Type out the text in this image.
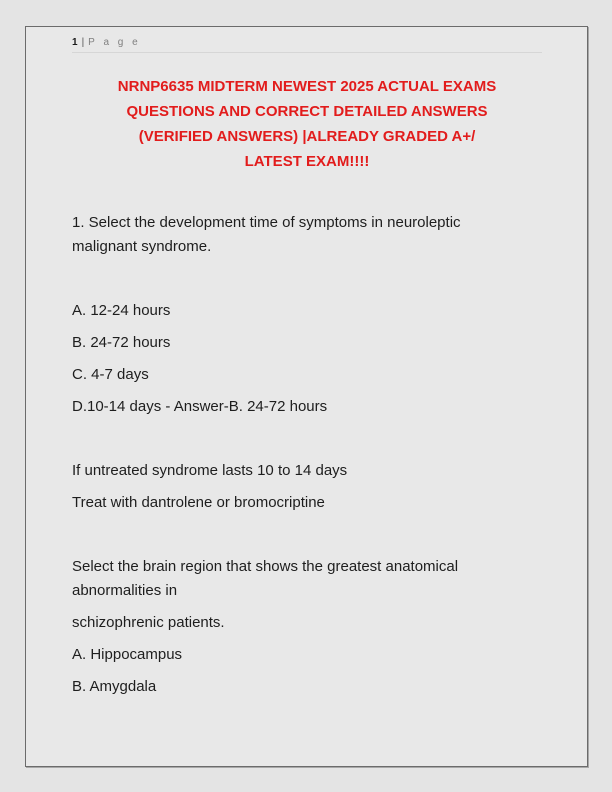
1 | P a g e
NRNP6635 MIDTERM NEWEST 2025 ACTUAL EXAMS
QUESTIONS AND CORRECT DETAILED ANSWERS
(VERIFIED ANSWERS) |ALREADY GRADED A+/
LATEST EXAM!!!!
1. Select the development time of symptoms in neuroleptic
malignant syndrome.
A. 12-24 hours
B. 24-72 hours
C. 4-7 days
D.10-14 days - Answer-B. 24-72 hours
If untreated syndrome lasts 10 to 14 days
Treat with dantrolene or bromocriptine
Select the brain region that shows the greatest anatomical
abnormalities in
schizophrenic patients.
A. Hippocampus
B. Amygdala
